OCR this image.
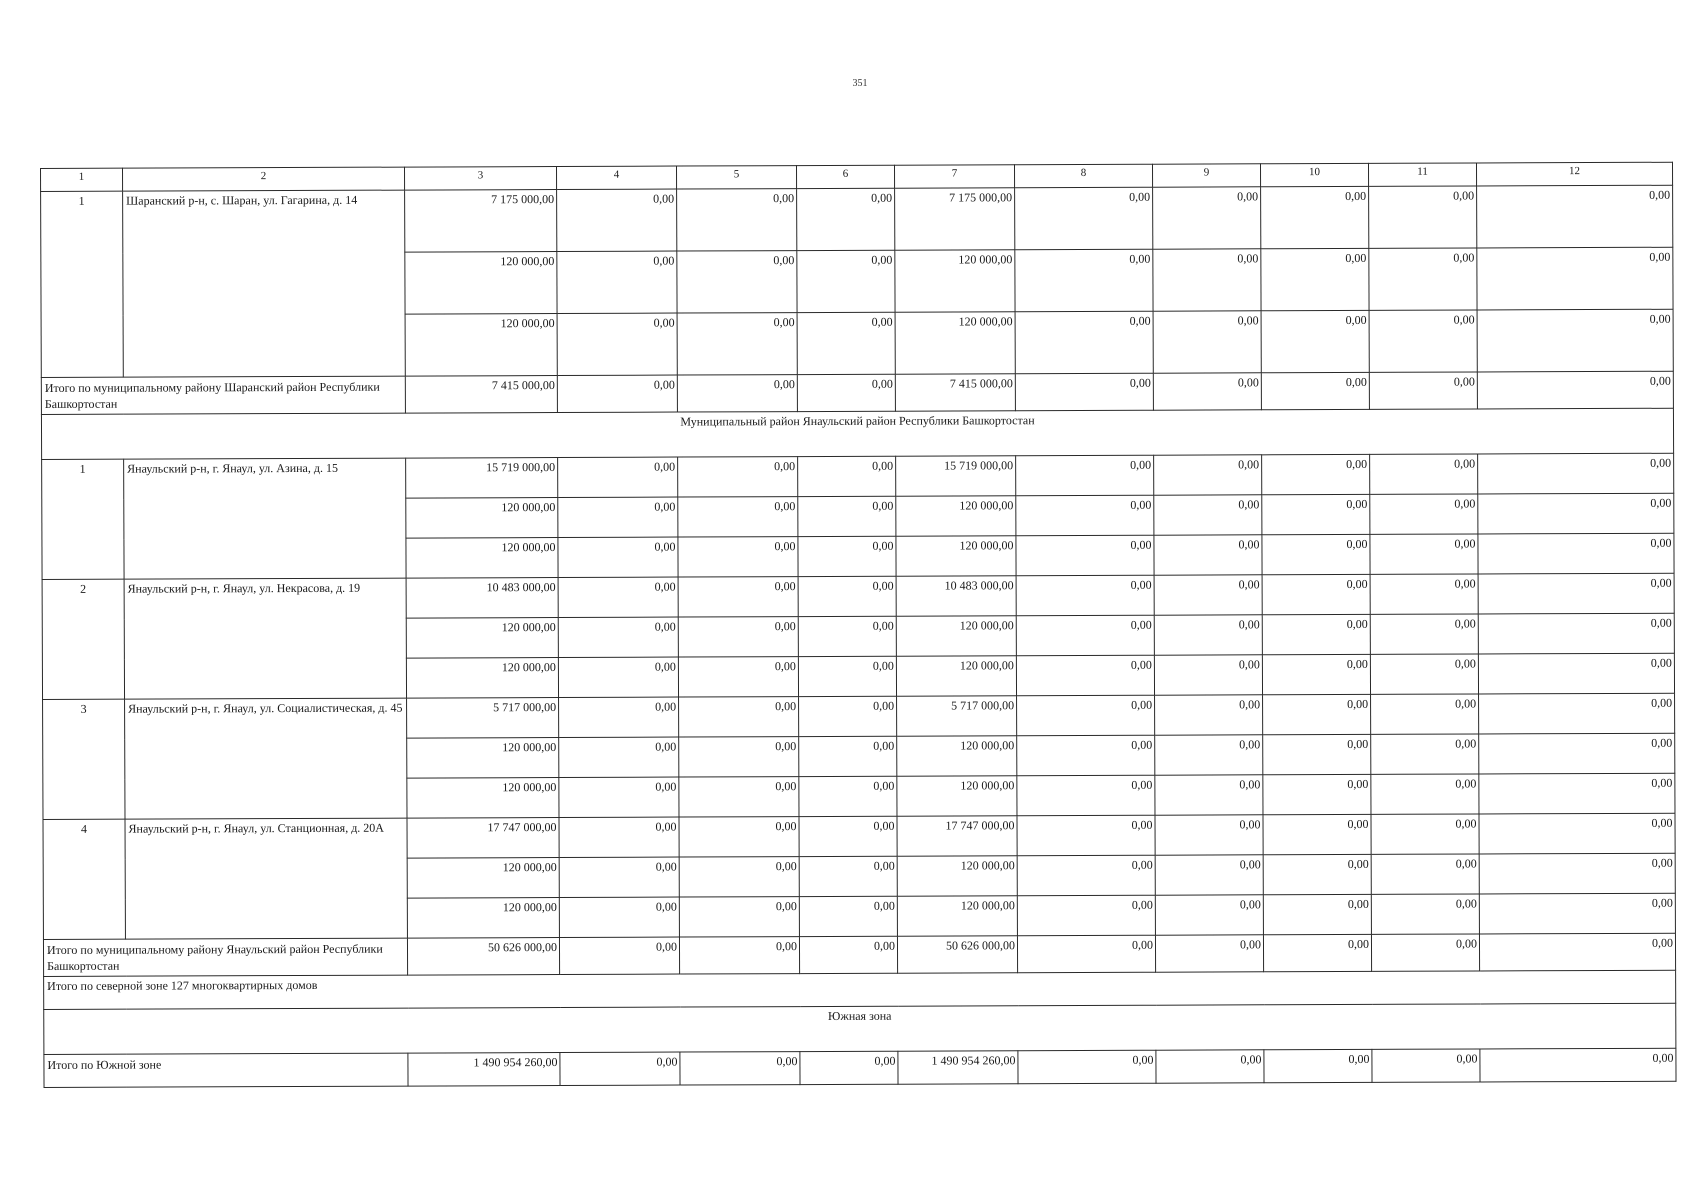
351
1	2	3	4	5	6	7	8	9	10	11	12
1	Шаранский р-н, с. Шаран, ул. Гагарина, д. 14	7 175 000,00	0,00	0,00	0,00	7 175 000,00	0,00	0,00	0,00	0,00	0,00
		120 000,00	0,00	0,00	0,00	120 000,00	0,00	0,00	0,00	0,00	0,00
		120 000,00	0,00	0,00	0,00	120 000,00	0,00	0,00	0,00	0,00	0,00
Итого по муниципальному району Шаранский район Республики Башкортостан		7 415 000,00	0,00	0,00	0,00	7 415 000,00	0,00	0,00	0,00	0,00	0,00
Муниципальный район Янаульский район Республики Башкортостан											
1	Янаульский р-н, г. Янаул, ул. Азина, д. 15	15 719 000,00	0,00	0,00	0,00	15 719 000,00	0,00	0,00	0,00	0,00	0,00
		120 000,00	0,00	0,00	0,00	120 000,00	0,00	0,00	0,00	0,00	0,00
		120 000,00	0,00	0,00	0,00	120 000,00	0,00	0,00	0,00	0,00	0,00
2	Янаульский р-н, г. Янаул, ул. Некрасова, д. 19	10 483 000,00	0,00	0,00	0,00	10 483 000,00	0,00	0,00	0,00	0,00	0,00
		120 000,00	0,00	0,00	0,00	120 000,00	0,00	0,00	0,00	0,00	0,00
		120 000,00	0,00	0,00	0,00	120 000,00	0,00	0,00	0,00	0,00	0,00
3	Янаульский р-н, г. Янаул, ул. Социалистическая, д. 45	5 717 000,00	0,00	0,00	0,00	5 717 000,00	0,00	0,00	0,00	0,00	0,00
		120 000,00	0,00	0,00	0,00	120 000,00	0,00	0,00	0,00	0,00	0,00
		120 000,00	0,00	0,00	0,00	120 000,00	0,00	0,00	0,00	0,00	0,00
4	Янаульский р-н, г. Янаул, ул. Станционная, д. 20А	17 747 000,00	0,00	0,00	0,00	17 747 000,00	0,00	0,00	0,00	0,00	0,00
		120 000,00	0,00	0,00	0,00	120 000,00	0,00	0,00	0,00	0,00	0,00
		120 000,00	0,00	0,00	0,00	120 000,00	0,00	0,00	0,00	0,00	0,00
Итого по муниципальному району Янаульский район Республики Башкортостан		50 626 000,00	0,00	0,00	0,00	50 626 000,00	0,00	0,00	0,00	0,00	0,00
Итого по северной зоне 127 многоквартирных домов											
Южная зона											
Итого по Южной зоне		1 490 954 260,00	0,00	0,00	0,00	1 490 954 260,00	0,00	0,00	0,00	0,00	0,00
